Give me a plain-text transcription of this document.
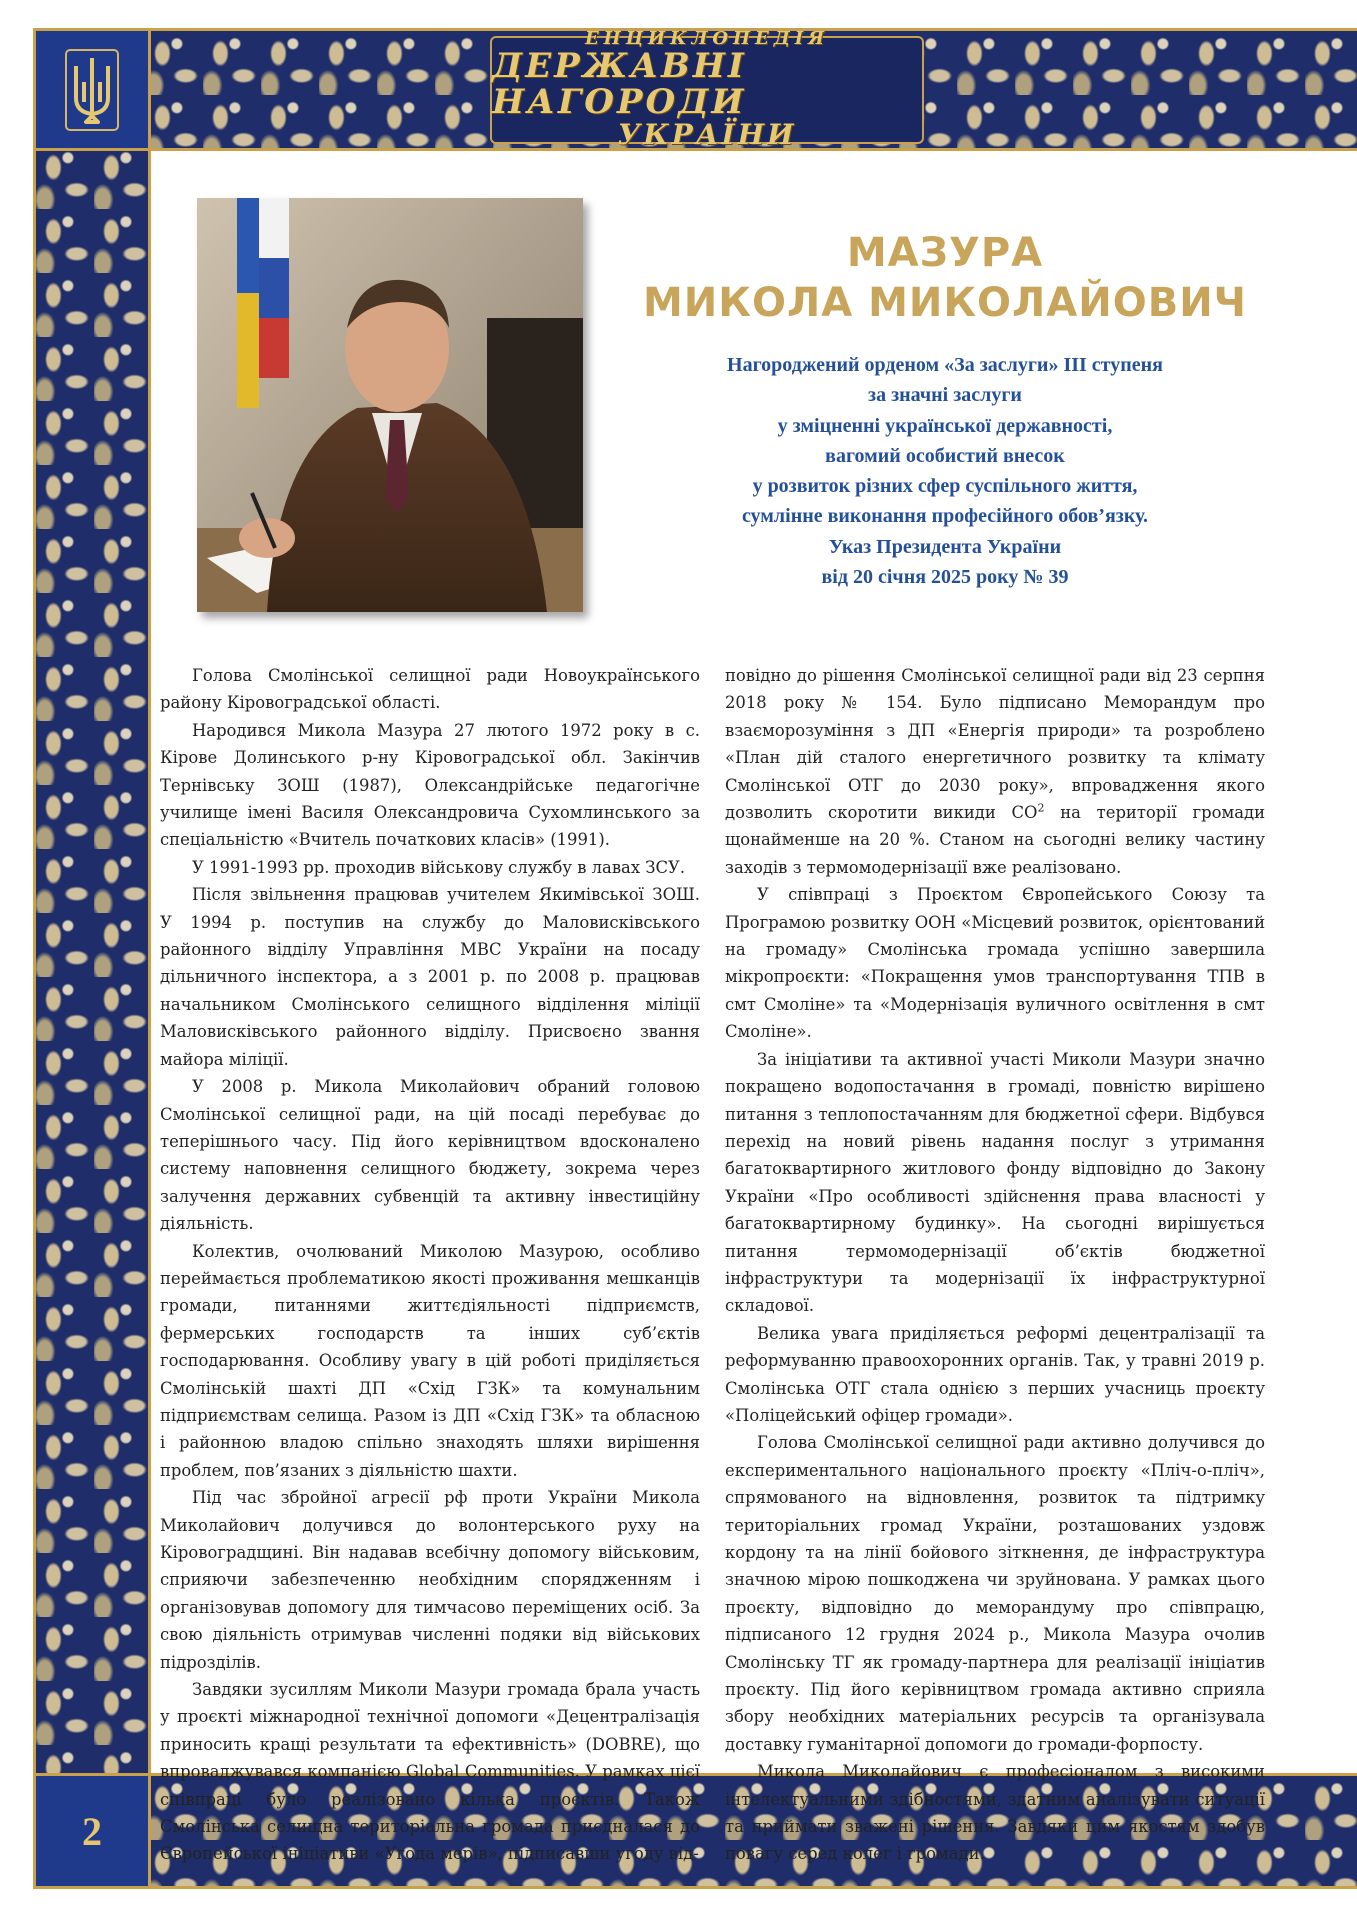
ЕНЦИКЛОПЕДІЯ
ДЕРЖАВНІ НАГОРОДИ
УКРАЇНИ
2
МАЗУРА
МИКОЛА МИКОЛАЙОВИЧ
Нагороджений орденом «За заслуги» ІІІ ступеня
за значні заслуги
у зміцненні української державності,
вагомий особистий внесок
у розвиток різних сфер суспільного життя,
сумлінне виконання професійного обов’язку.
Указ Президента України
від 20 січня 2025 року № 39

Голова Смолінської селищної ради Новоукраїнського району Кіровоградської області.

Народився Микола Мазура 27 лютого 1972 року в с. Кірове Долинського р-ну Кіровоградської обл. Закінчив Тернівську ЗОШ (1987), Олександрійське педагогічне училище імені Василя Олександровича Сухомлинського за спеціальністю «Вчитель початкових класів» (1991).

У 1991-1993 рр. проходив військову службу в лавах ЗСУ.

Після звільнення працював учителем Якимівської ЗОШ. У 1994 р. поступив на службу до Маловисківського районного відділу Управління МВС України на посаду дільничного інспектора, а з 2001 р. по 2008 р. працював начальником Смолінського селищного відділення міліції Маловисківського районного відділу. Присвоєно звання майора міліції.

У 2008 р. Микола Миколайович обраний головою Смолінської селищної ради, на цій посаді перебуває до теперішнього часу. Під його керівництвом вдосконалено систему наповнення селищного бюджету, зокрема через залучення державних субвенцій та активну інвестиційну діяльність.

Колектив, очолюваний Миколою Мазурою, особливо переймається проблематикою якості проживання мешканців громади, питаннями життєдіяльності підприємств, фермерських господарств та інших суб’єктів господарювання. Особливу увагу в цій роботі приділяється Смолінській шахті ДП «Схід ГЗК» та комунальним підприємствам селища. Разом із ДП «Схід ГЗК» та обласною і районною владою спільно знаходять шляхи вирішення проблем, пов’язаних з діяльністю шахти.

Під час збройної агресії рф проти України Микола Миколайович долучився до волонтерського руху на Кіровоградщині. Він надавав всебічну допомогу військовим, сприяючи забезпеченню необхідним спорядженням і організовував допомогу для тимчасово переміщених осіб. За свою діяльність отримував численні подяки від військових підрозділів.

Завдяки зусиллям Миколи Мазури громада брала участь у проєкті міжнародної технічної допомоги «Децентралізація приносить кращі результати та ефективність» (DOBRE), що впроваджувався компанією Global Communities. У рамках цієї співпраці було реалізовано кілька проєктів. Також Смолінська селищна територіальна громада приєдналася до Європейської ініціативи «Угода мерів», підписавши угоду від-

повідно до рішення Смолінської селищної ради від 23 серпня 2018 року № 154. Було підписано Меморандум про взаєморозуміння з ДП «Енергія природи» та розроблено «План дій сталого енергетичного розвитку та клімату Смолінської ОТГ до 2030 року», впровадження якого дозволить скоротити викиди $СО^2$ на території громади щонайменше на 20 %. Станом на сьогодні велику частину заходів з термомодернізації вже реалізовано.

У співпраці з Проєктом Європейського Союзу та Програмою розвитку ООН «Місцевий розвиток, орієнтований на громаду» Смолінська громада успішно завершила мікропроєкти: «Покращення умов транспортування ТПВ в смт Смоліне» та «Модернізація вуличного освітлення в смт Смоліне».

За ініціативи та активної участі Миколи Мазури значно покращено водопостачання в громаді, повністю вирішено питання з теплопостачанням для бюджетної сфери. Відбувся перехід на новий рівень надання послуг з утримання багатоквартирного житлового фонду відповідно до Закону України «Про особливості здійснення права власності у багатоквартирному будинку». На сьогодні вирішується питання термомодернізації об’єктів бюджетної інфраструктури та модернізації їх інфраструктурної складової.

Велика увага приділяється реформі децентралізації та реформуванню правоохоронних органів. Так, у травні 2019 р. Смолінська ОТГ стала однією з перших учасниць проєкту «Поліцейський офіцер громади».

Голова Смолінської селищної ради активно долучився до експериментального національного проєкту «Пліч-о-пліч», спрямованого на відновлення, розвиток та підтримку територіальних громад України, розташованих уздовж кордону та на лінії бойового зіткнення, де інфраструктура значною мірою пошкоджена чи зруйнована. У рамках цього проєкту, відповідно до меморандуму про співпрацю, підписаного 12 грудня 2024 р., Микола Мазура очолив Смолінську ТГ як громаду-партнера для реалізації ініціатив проєкту. Під його керівництвом громада активно сприяла збору необхідних матеріальних ресурсів та організувала доставку гуманітарної допомоги до громади-форпосту.

Микола Миколайович є професіоналом з високими інтелектуальними здібностями, здатним аналізувати ситуації та приймати зважені рішення. Завдяки цим якостям здобув повагу серед колег і громади.
